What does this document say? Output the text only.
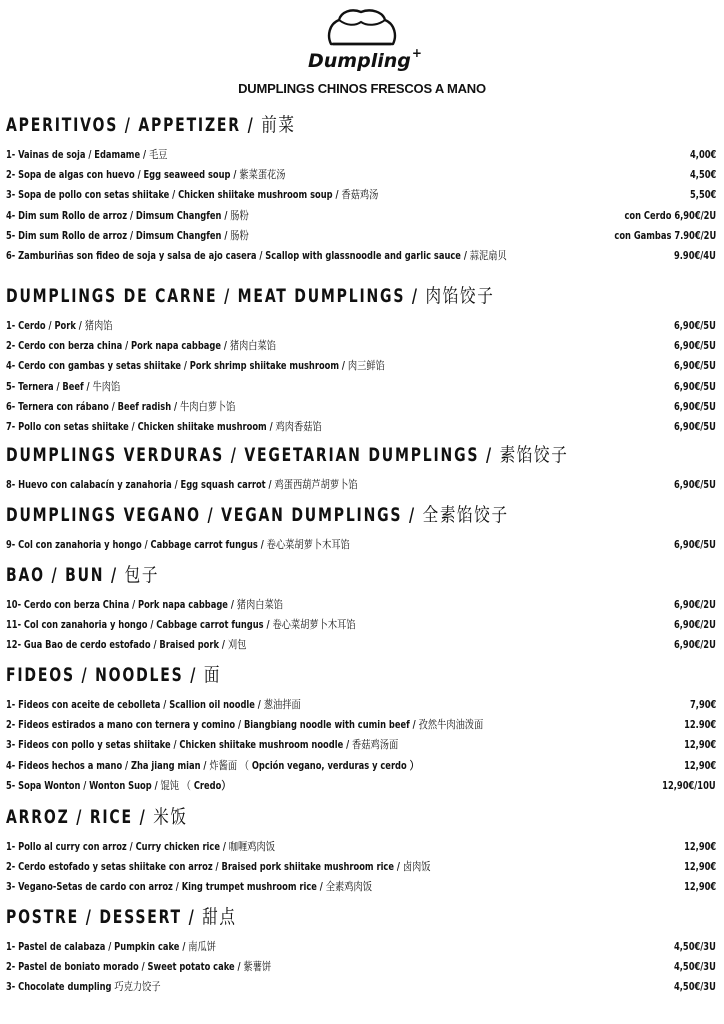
Dumpling+
DUMPLINGS CHINOS FRESCOS A MANO
APERITIVOS / APPETIZER / 前菜
1- Vainas de soja / Edamame / 毛豆	4,00€
2- Sopa de algas con huevo / Egg seaweed soup / 紫菜蛋花汤	4,50€
3- Sopa de pollo con setas shiitake / Chicken shiitake mushroom soup / 香菇鸡汤	5,50€
4- Dim sum Rollo de arroz / Dimsum Changfen / 肠粉	con Cerdo 6,90€/2U
5- Dim sum Rollo de arroz / Dimsum Changfen / 肠粉	con Gambas 7.90€/2U
6- Zamburiñas son fideo de soja y salsa de ajo casera / Scallop with glassnoodle and garlic sauce / 蒜泥扇贝	9.90€/4U
DUMPLINGS DE CARNE / MEAT DUMPLINGS / 肉馅饺子
1- Cerdo / Pork / 猪肉馅	6,90€/5U
2- Cerdo con berza china / Pork napa cabbage / 猪肉白菜馅	6,90€/5U
4- Cerdo con gambas y setas shiitake / Pork shrimp shiitake mushroom / 肉三鲜馅	6,90€/5U
5- Ternera / Beef / 牛肉馅	6,90€/5U
6- Ternera con rábano / Beef radish / 牛肉白萝卜馅	6,90€/5U
7- Pollo con setas shiitake / Chicken shiitake mushroom / 鸡肉香菇馅	6,90€/5U
DUMPLINGS VERDURAS / VEGETARIAN DUMPLINGS / 素馅饺子
8- Huevo con calabacín y zanahoria / Egg squash carrot / 鸡蛋西葫芦胡萝卜馅	6,90€/5U
DUMPLINGS VEGANO / VEGAN DUMPLINGS / 全素馅饺子
9- Col con zanahoria y hongo / Cabbage carrot fungus / 卷心菜胡萝卜木耳馅	6,90€/5U
BAO / BUN / 包子
10- Cerdo con berza China / Pork napa cabbage / 猪肉白菜馅	6,90€/2U
11- Col con zanahoria y hongo / Cabbage carrot fungus / 卷心菜胡萝卜木耳馅	6,90€/2U
12- Gua Bao de cerdo estofado / Braised pork / 刈包	6,90€/2U
FIDEOS / NOODLES / 面
1- Fideos con aceite de cebolleta / Scallion oil noodle / 葱油拌面	7,90€
2- Fideos estirados a mano con ternera y comino / Biangbiang noodle with cumin beef / 孜然牛肉油泼面	12.90€
3- Fideos con pollo y setas shiitake / Chicken shiitake mushroom noodle / 香菇鸡汤面	12,90€
4- Fideos hechos a mano / Zha jiang mian / 炸酱面 （ Opción vegano, verduras y cerdo ）	12,90€
5- Sopa Wonton / Wonton Suop / 馄饨 （ Credo）	12,90€/10U
ARROZ / RICE / 米饭
1- Pollo al curry con arroz / Curry chicken rice / 咖喱鸡肉饭	12,90€
2- Cerdo estofado y setas shiitake con arroz / Braised pork shiitake mushroom rice / 卤肉饭	12,90€
3- Vegano-Setas de cardo con arroz / King trumpet mushroom rice / 全素鸡肉饭	12,90€
POSTRE / DESSERT / 甜点
1- Pastel de calabaza / Pumpkin cake / 南瓜饼	4,50€/3U
2- Pastel de boniato morado / Sweet potato cake / 紫薯饼	4,50€/3U
3- Chocolate dumpling 巧克力饺子	4,50€/3U
